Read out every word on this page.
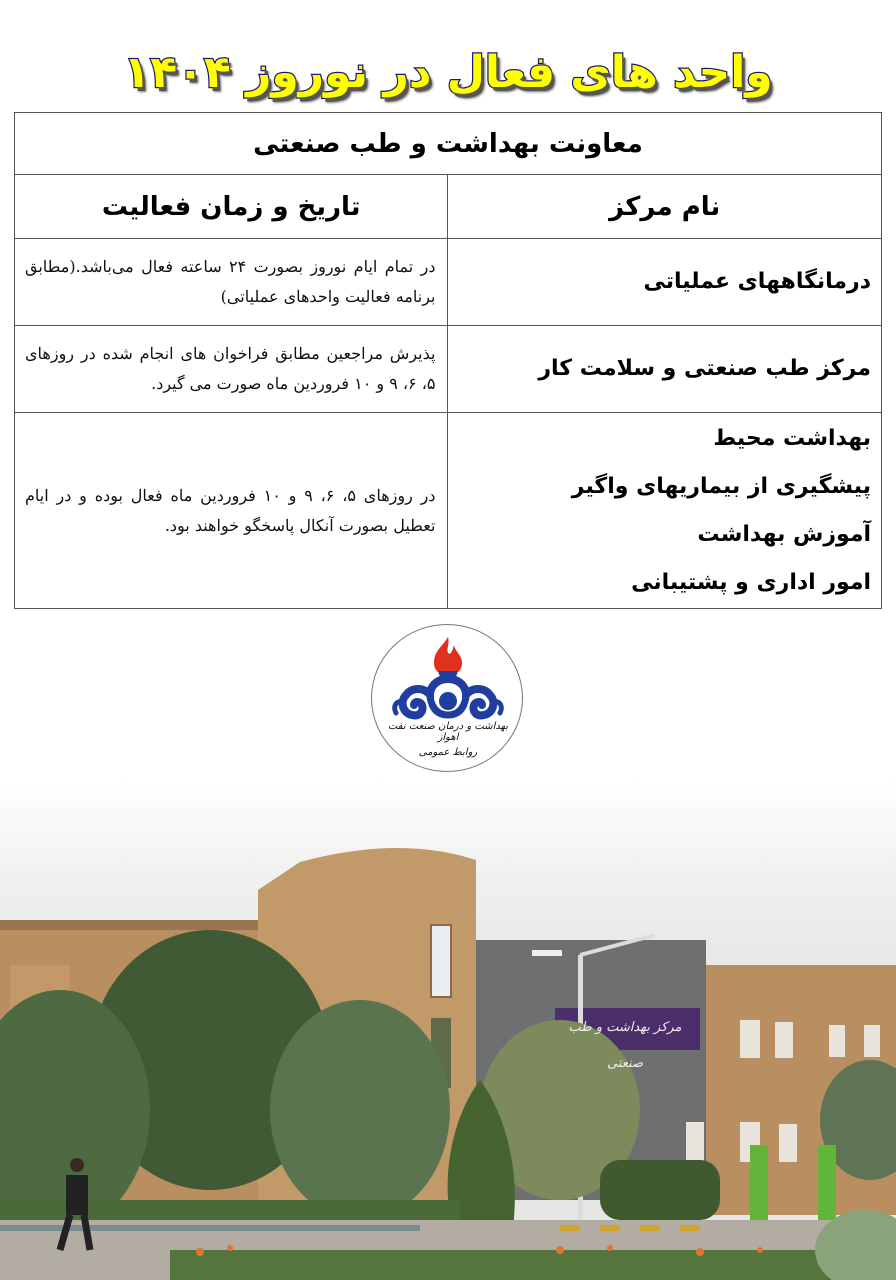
واحد های فعال در نوروز ۱۴۰۴
معاونت بهداشت و طب صنعتی	
نام مرکز	تاریخ و زمان فعالیت

درمانگاههای عملیاتی	در تمام ایام نوروز بصورت ۲۴ ساعته فعال می‌باشد.(مطابق برنامه فعالیت واحدهای عملیاتی)

مرکز طب صنعتی و سلامت کار	پذیرش مراجعین مطابق فراخوان های انجام شده در روزهای ۵، ۶، ۹ و ۱۰ فروردین ماه صورت می گیرد.

بهداشت محیط
پیشگیری از بیماریهای واگیر
آموزش بهداشت
امور اداری و پشتیبانی	در روزهای ۵، ۶، ۹ و ۱۰ فروردین ماه فعال بوده و در ایام تعطیل بصورت آنکال پاسخگو خواهند بود.
بهداشت و درمان صنعت نفت اهواز
روابط عمومی
مرکز بهداشت و طب صنعتی
